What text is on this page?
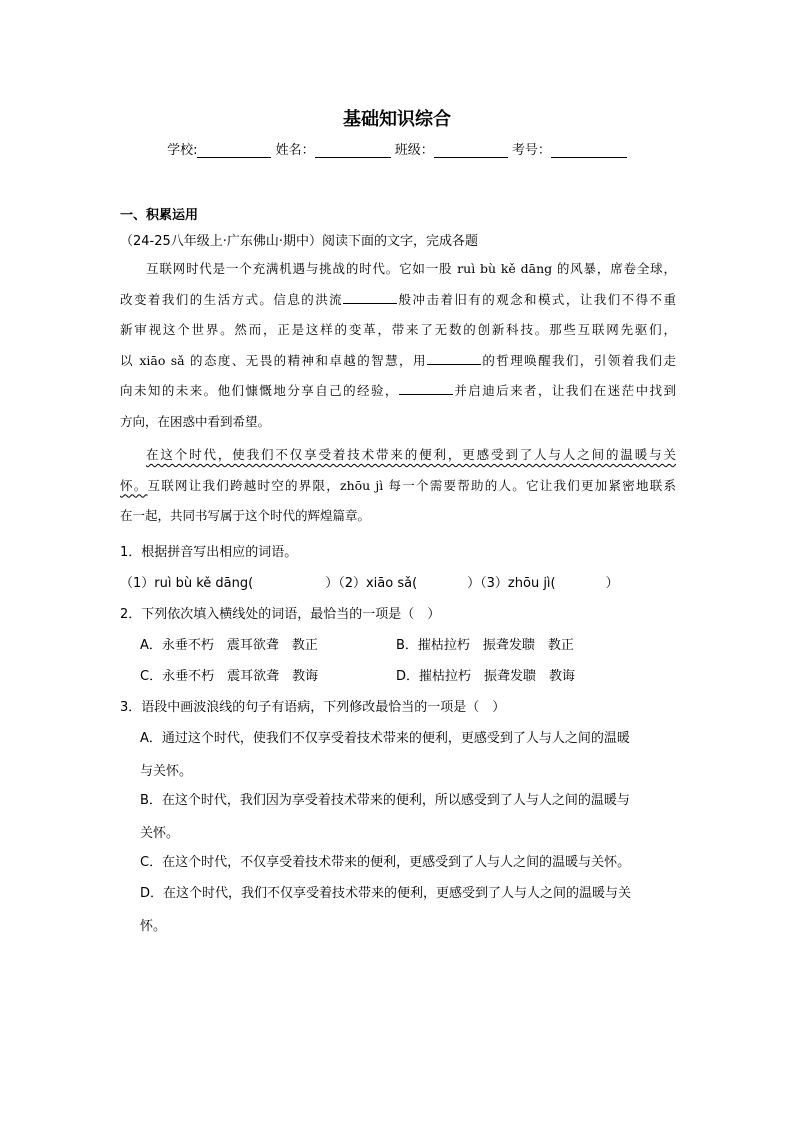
基础知识综合
学校:	姓名：	班级：	考号：
一、积累运用
（24-25八年级上·广东佛山·期中）阅读下面的文字，完成各题
互联网时代是一个充满机遇与挑战的时代。它如一股 ruì bù kě dāng 的风暴，席卷全球，
改变着我们的生活方式。信息的洪流	般冲击着旧有的观念和模式，让我们不得不重
新审视这个世界。然而，正是这样的变革，带来了无数的创新科技。那些互联网先驱们，
以 xiāo sǎ 的态度、无畏的精神和卓越的智慧，用	的哲理唤醒我们，引领着我们走
向未知的未来。他们慷慨地分享自己的经验，	并启迪后来者，让我们在迷茫中找到
方向，在困惑中看到希望。
在这个时代，使我们不仅享受着技术带来的便利，更感受到了人与人之间的温暖与关
怀。互联网让我们跨越时空的界限，zhōu jì 每一个需要帮助的人。它让我们更加紧密地联系
在一起，共同书写属于这个时代的辉煌篇章。
1．根据拼音写出相应的词语。
（1）ruì bù kě dāng(	）（2）xiāo sǎ(	）（3）zhōu jì(	）
2．下列依次填入横线处的词语，最恰当的一项是（　）
A．永垂不朽　震耳欲聋　教正	B．摧枯拉朽　振聋发聩　教正
C．永垂不朽　震耳欲聋　教诲	D．摧枯拉朽　振聋发聩　教诲
3．语段中画波浪线的句子有语病，下列修改最恰当的一项是（　）
A．通过这个时代，使我们不仅享受着技术带来的便利，更感受到了人与人之间的温暖
与关怀。
B．在这个时代，我们因为享受着技术带来的便利，所以感受到了人与人之间的温暖与
关怀。
C．在这个时代，不仅享受着技术带来的便利，更感受到了人与人之间的温暖与关怀。
D．在这个时代，我们不仅享受着技术带来的便利，更感受到了人与人之间的温暖与关
怀。
